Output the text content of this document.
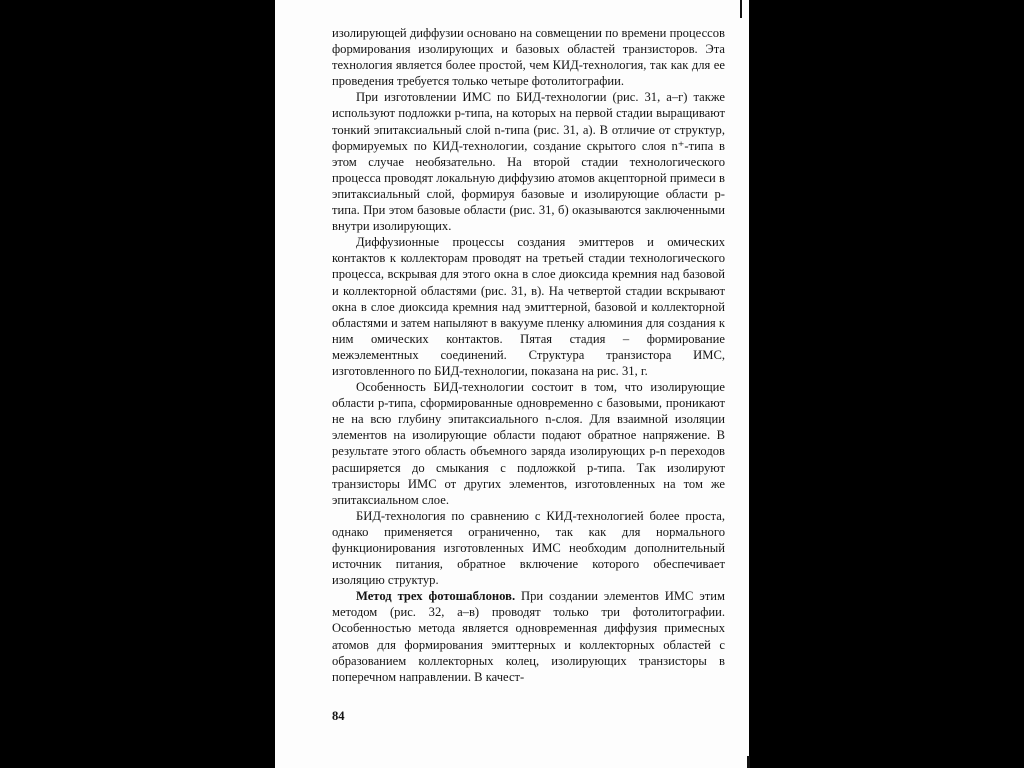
изолирующей диффузии основано на совмещении по времени процессов формирования изолирующих и базовых областей транзисторов. Эта технология является более простой, чем КИД-технология, так как для ее проведения требуется только четыре фотолитографии.

При изготовлении ИМС по БИД-технологии (рис. 31, а–г) также используют подложки p-типа, на которых на первой стадии выращивают тонкий эпитаксиальный слой n-типа (рис. 31, а). В отличие от структур, формируемых по КИД-технологии, создание скрытого слоя n⁺-типа в этом случае необязательно. На второй стадии технологического процесса проводят локальную диффузию атомов акцепторной примеси в эпитаксиальный слой, формируя базовые и изолирующие области p-типа. При этом базовые области (рис. 31, б) оказываются заключенными внутри изолирующих.

Диффузионные процессы создания эмиттеров и омических контактов к коллекторам проводят на третьей стадии технологического процесса, вскрывая для этого окна в слое диоксида кремния над базовой и коллекторной областями (рис. 31, в). На четвертой стадии вскрывают окна в слое диоксида кремния над эмиттерной, базовой и коллекторной областями и затем напыляют в вакууме пленку алюминия для создания к ним омических контактов. Пятая стадия – формирование межэлементных соединений. Структура транзистора ИМС, изготовленного по БИД-технологии, показана на рис. 31, г.

Особенность БИД-технологии состоит в том, что изолирующие области p-типа, сформированные одновременно с базовыми, проникают не на всю глубину эпитаксиального n-слоя. Для взаимной изоляции элементов на изолирующие области подают обратное напряжение. В результате этого область объемного заряда изолирующих p-n переходов расширяется до смыкания с подложкой p-типа. Так изолируют транзисторы ИМС от других элементов, изготовленных на том же эпитаксиальном слое.

БИД-технология по сравнению с КИД-технологией более проста, однако применяется ограниченно, так как для нормального функционирования изготовленных ИМС необходим дополнительный источник питания, обратное включение которого обеспечивает изоляцию структур.

Метод трех фотошаблонов. При создании элементов ИМС этим методом (рис. 32, а–в) проводят только три фотолитографии. Особенностью метода является одновременная диффузия примесных атомов для формирования эмиттерных и коллекторных областей с образованием коллекторных колец, изолирующих транзисторы в поперечном направлении. В качест-

84
